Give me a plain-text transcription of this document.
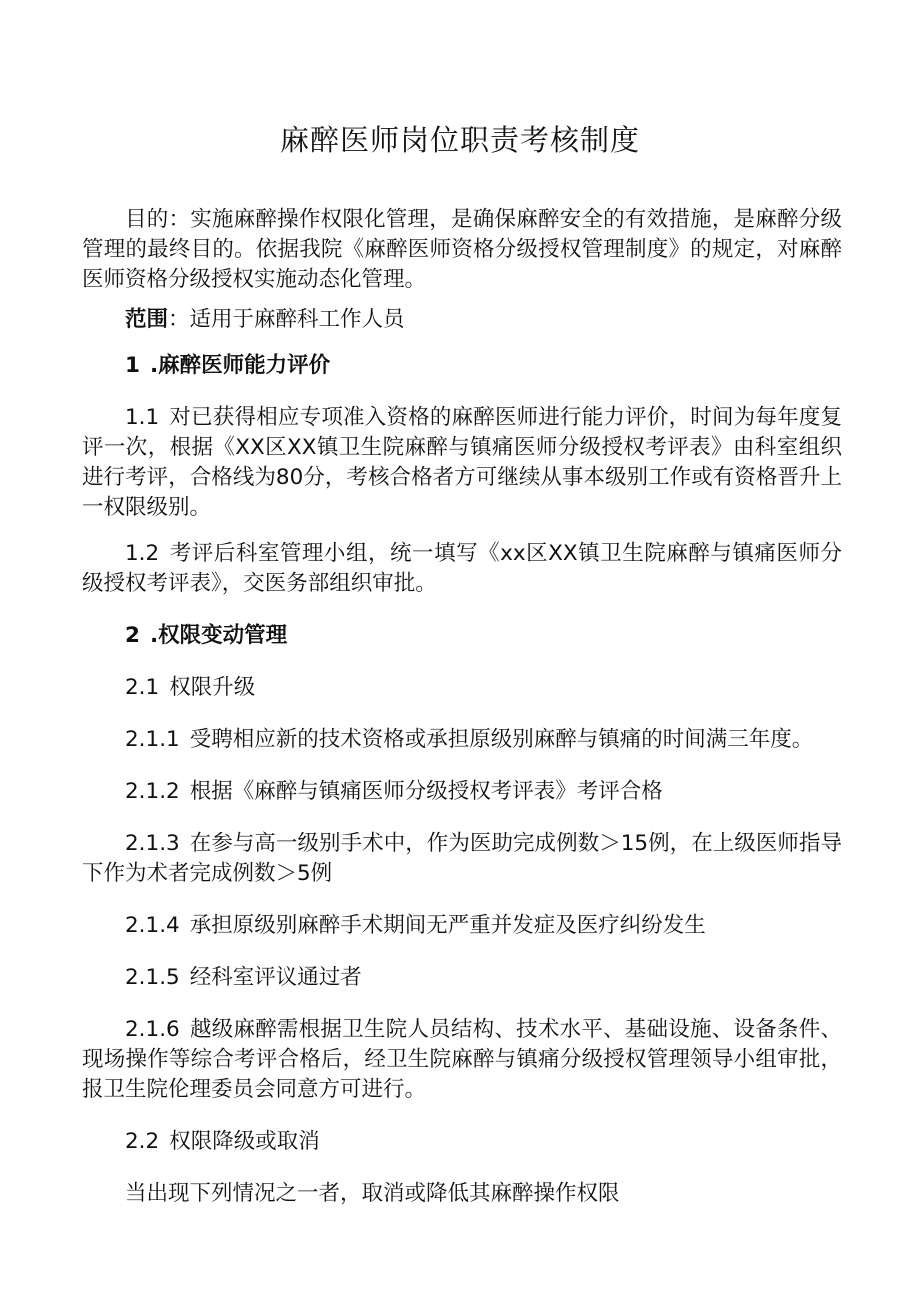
麻醉医师岗位职责考核制度

目的：实施麻醉操作权限化管理，是确保麻醉安全的有效措施，是麻醉分级管理的最终目的。依据我院《麻醉医师资格分级授权管理制度》的规定，对麻醉医师资格分级授权实施动态化管理。

范围：适用于麻醉科工作人员

1 .麻醉医师能力评价

1.1 对已获得相应专项准入资格的麻醉医师进行能力评价，时间为每年度复评一次，根据《XX区XX镇卫生院麻醉与镇痛医师分级授权考评表》由科室组织进行考评，合格线为80分，考核合格者方可继续从事本级别工作或有资格晋升上一权限级别。

1.2 考评后科室管理小组，统一填写《xx区XX镇卫生院麻醉与镇痛医师分级授权考评表》，交医务部组织审批。

2 .权限变动管理

2.1 权限升级

2.1.1 受聘相应新的技术资格或承担原级别麻醉与镇痛的时间满三年度。

2.1.2 根据《麻醉与镇痛医师分级授权考评表》考评合格

2.1.3 在参与高一级别手术中，作为医助完成例数＞15例，在上级医师指导下作为术者完成例数＞5例

2.1.4 承担原级别麻醉手术期间无严重并发症及医疗纠纷发生

2.1.5 经科室评议通过者

2.1.6 越级麻醉需根据卫生院人员结构、技术水平、基础设施、设备条件、现场操作等综合考评合格后，经卫生院麻醉与镇痛分级授权管理领导小组审批，报卫生院伦理委员会同意方可进行。

2.2 权限降级或取消

当出现下列情况之一者，取消或降低其麻醉操作权限
